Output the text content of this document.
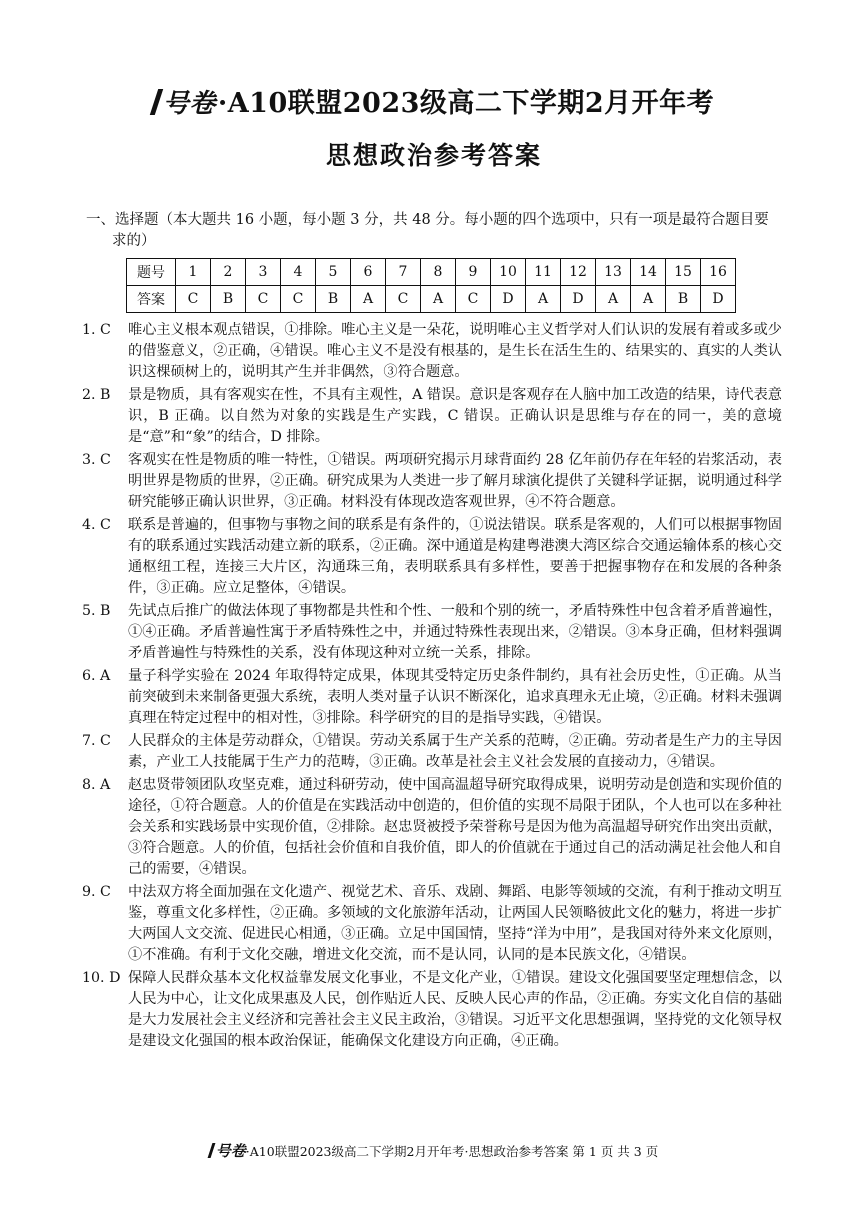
号卷·A10联盟2023级高二下学期2月开年考
思想政治参考答案
一、选择题（本大题共 16 小题，每小题 3 分，共 48 分。每小题的四个选项中，只有一项是最符合题目要
求的）
题号	1	2	3	4	5	6	7	8	9	10	11	12	13	14	15	16
答案	C	B	C	C	B	A	C	A	C	D	A	D	A	A	B	D
1. C	唯心主义根本观点错误，①排除。唯心主义是一朵花，说明唯心主义哲学对人们认识的发展有着或多或少的借鉴意义，②正确，④错误。唯心主义不是没有根基的，是生长在活生生的、结果实的、真实的人类认识这棵硕树上的，说明其产生并非偶然，③符合题意。
2. B	景是物质，具有客观实在性，不具有主观性，A 错误。意识是客观存在人脑中加工改造的结果，诗代表意识，B 正确。以自然为对象的实践是生产实践，C 错误。正确认识是思维与存在的同一，美的意境是“意”和“象”的结合，D 排除。
3. C	客观实在性是物质的唯一特性，①错误。两项研究揭示月球背面约 28 亿年前仍存在年轻的岩浆活动，表明世界是物质的世界，②正确。研究成果为人类进一步了解月球演化提供了关键科学证据，说明通过科学研究能够正确认识世界，③正确。材料没有体现改造客观世界，④不符合题意。
4. C	联系是普遍的，但事物与事物之间的联系是有条件的，①说法错误。联系是客观的，人们可以根据事物固有的联系通过实践活动建立新的联系，②正确。深中通道是构建粤港澳大湾区综合交通运输体系的核心交通枢纽工程，连接三大片区，沟通珠三角，表明联系具有多样性，要善于把握事物存在和发展的各种条件，③正确。应立足整体，④错误。
5. B	先试点后推广的做法体现了事物都是共性和个性、一般和个别的统一，矛盾特殊性中包含着矛盾普遍性，①④正确。矛盾普遍性寓于矛盾特殊性之中，并通过特殊性表现出来，②错误。③本身正确，但材料强调矛盾普遍性与特殊性的关系，没有体现这种对立统一关系，排除。
6. A	量子科学实验在 2024 年取得特定成果，体现其受特定历史条件制约，具有社会历史性，①正确。从当前突破到未来制备更强大系统，表明人类对量子认识不断深化，追求真理永无止境，②正确。材料未强调真理在特定过程中的相对性，③排除。科学研究的目的是指导实践，④错误。
7. C	人民群众的主体是劳动群众，①错误。劳动关系属于生产关系的范畴，②正确。劳动者是生产力的主导因素，产业工人技能属于生产力的范畴，③正确。改革是社会主义社会发展的直接动力，④错误。
8. A	赵忠贤带领团队攻坚克难，通过科研劳动，使中国高温超导研究取得成果，说明劳动是创造和实现价值的途径，①符合题意。人的价值是在实践活动中创造的，但价值的实现不局限于团队，个人也可以在多种社会关系和实践场景中实现价值，②排除。赵忠贤被授予荣誉称号是因为他为高温超导研究作出突出贡献，③符合题意。人的价值，包括社会价值和自我价值，即人的价值就在于通过自己的活动满足社会他人和自己的需要，④错误。
9. C	中法双方将全面加强在文化遗产、视觉艺术、音乐、戏剧、舞蹈、电影等领域的交流，有利于推动文明互鉴，尊重文化多样性，②正确。多领域的文化旅游年活动，让两国人民领略彼此文化的魅力，将进一步扩大两国人文交流、促进民心相通，③正确。立足中国国情，坚持“洋为中用”，是我国对待外来文化原则，①不准确。有利于文化交融，增进文化交流，而不是认同，认同的是本民族文化，④错误。
10. D 保障人民群众基本文化权益靠发展文化事业，不是文化产业，①错误。建设文化强国要坚定理想信念，以人民为中心，让文化成果惠及人民，创作贴近人民、反映人民心声的作品，②正确。夯实文化自信的基础是大力发展社会主义经济和完善社会主义民主政治，③错误。习近平文化思想强调，坚持党的文化领导权是建设文化强国的根本政治保证，能确保文化建设方向正确，④正确。
号卷·A10联盟2023级高二下学期2月开年考·思想政治参考答案 第 1 页 共 3 页
